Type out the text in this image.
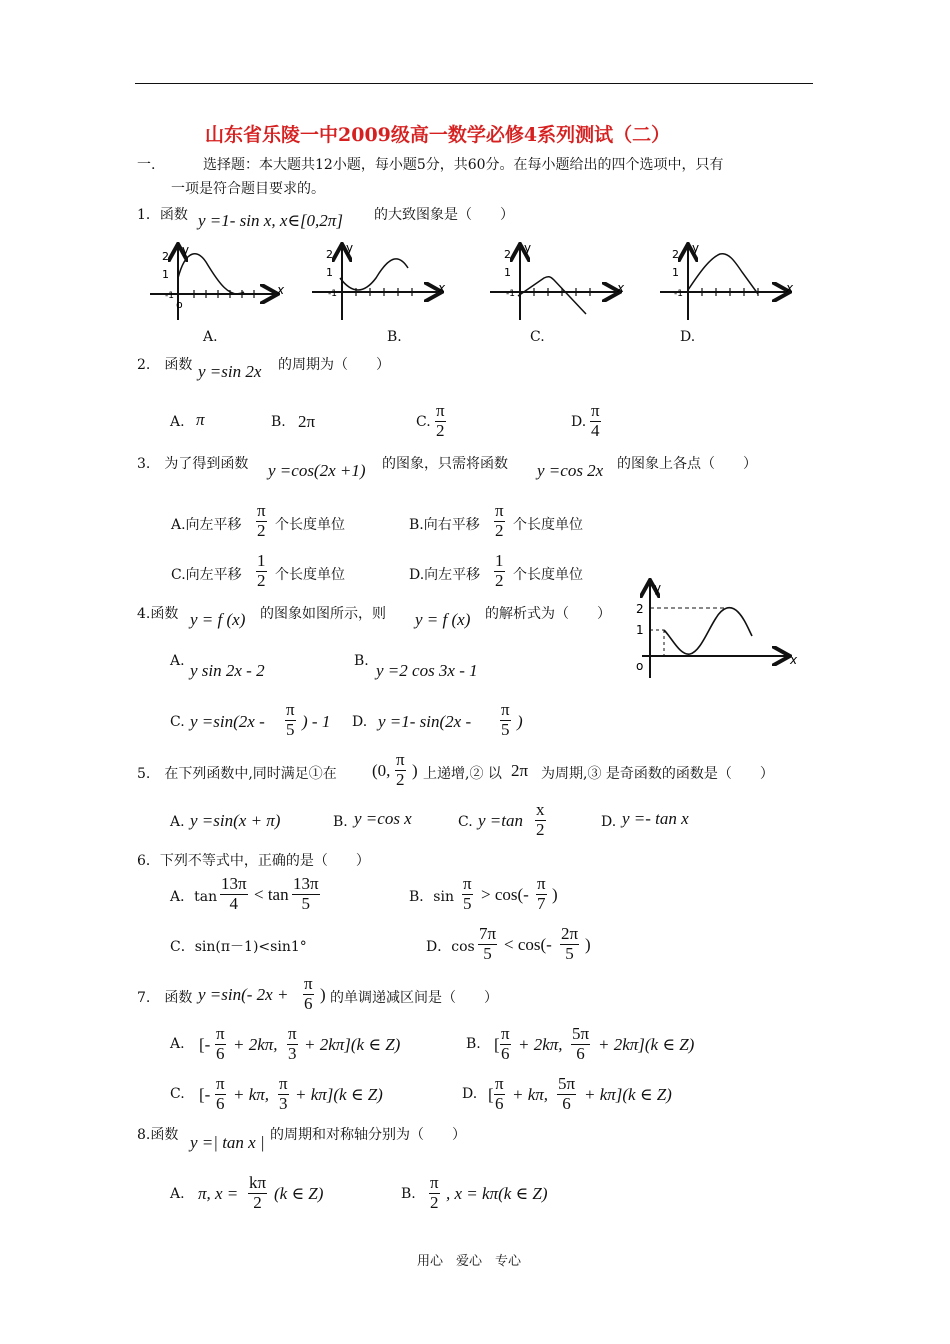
山东省乐陵一中2009级高一数学必修4系列测试（二）
一.	选择题：本大题共12小题，每小题5分，共60分。在每小题给出的四个选项中，只有
一项是符合题目要求的。
1．函数 y =1- sin x, x∈[0,2π] 的大致图象是（　　）
2
1
-1
y
x
o
2
1
-1
y
x
2
1
-1
y
x
2
1
-1
y
x
A.	B.	C.	D.
2.　函数 y =sin 2x 的周期为（　　）
A. π	B. 2π	C. $\frac{\pi}{2}$	D. $\frac{\pi}{4}$
3.　为了得到函数 y =cos(2x +1) 的图象，只需将函数 y =cos 2x 的图象上各点（　　）
A.向左平移 $\frac{\pi}{2}$ 个长度单位	B.向右平移 $\frac{\pi}{2}$ 个长度单位
C.向左平移 $\frac{1}{2}$ 个长度单位	D.向左平移 $\frac{1}{2}$ 个长度单位
4.函数 y = f (x) 的图象如图所示，则 y = f (x) 的解析式为（　　） 2
1
y
x
o
A. y sin 2x - 2	B. y =2 cos 3x - 1
C. $y =\sin(2x - \frac{\pi}{5}$ ) - 1 D. y =1- $\sin(2x - \frac{\pi}{5}$ )
5.　在下列函数中,同时满足①在 (0, $\frac{\pi}{2}$ ) 上递增,② 以 2π 为周期,③ 是奇函数的函数是（　　）
A. y =sin(x + π)	B. y =cos x	C. $y =\tan \frac{x}{2}$	D. y =- tan x
6．下列不等式中，正确的是（　　）
A．$\tan \frac{13\pi}{4} < \tan \frac{13\pi}{5}$	B．$\sin \frac{\pi}{5} > \cos(- \frac{\pi}{7}$ )
C．sin(π－1)<sin1°	D．$\cos \frac{7\pi}{5} < \cos(- \frac{2\pi}{5}$ )
7.　函数 y =sin(- $2x + \frac{\pi}{6}$ ) 的单调递减区间是（　　）
A. [- $\frac{\pi}{6} + 2k\pi$, $\frac{\pi}{3} + 2k\pi](k$ ∈ Z)	B. [ $\frac{\pi}{6} + 2k\pi$, $\frac{5\pi}{6} + 2k\pi](k$ ∈ Z)
C. [- $\frac{\pi}{6} + k\pi$, $\frac{\pi}{3} + k\pi](k$ ∈ Z)	D. [ $\frac{\pi}{6} + k\pi$, $\frac{5\pi}{6} + k\pi](k$ ∈ Z)
8.函数 y =| tan x | 的周期和对称轴分别为（　　）
A. π, $x = \frac{k\pi}{2} (k$ ∈ Z)	B. $\frac{\pi}{2}$ , x = kπ(k ∈ Z)
用心　爱心　专心
